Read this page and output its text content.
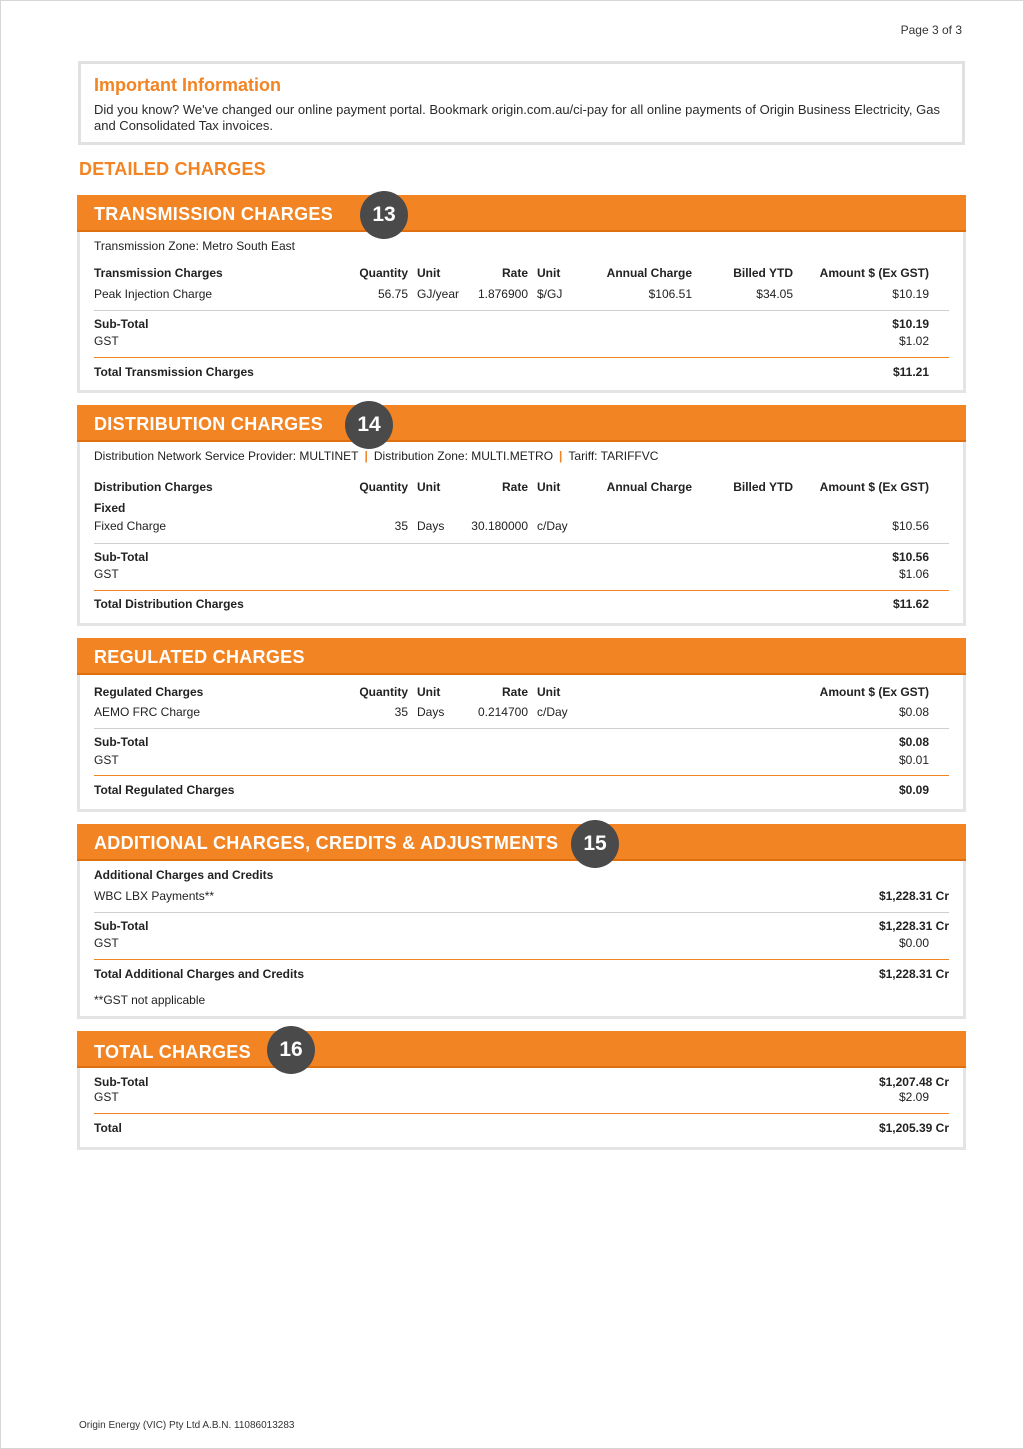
Page 3 of 3
Important Information
Did you know? We've changed our online payment portal. Bookmark origin.com.au/ci-pay for all online payments of Origin Business Electricity, Gas and Consolidated Tax invoices.
DETAILED CHARGES
TRANSMISSION CHARGES	13
Transmission Zone: Metro South East
Transmission Charges	Quantity Unit	Rate Unit	Annual Charge	Billed YTD Amount $ (Ex GST)
Peak Injection Charge	56.75 GJ/year 1.876900 $/GJ	$106.51	$34.05	$10.19
Sub-Total	$10.19
GST	$1.02
Total Transmission Charges	$11.21
DISTRIBUTION CHARGES	14
Distribution Network Service Provider: MULTINET | Distribution Zone: MULTI.METRO | Tariff: TARIFFVC
Distribution Charges	Quantity Unit	Rate Unit	Annual Charge	Billed YTD Amount $ (Ex GST)
Fixed
Fixed Charge	35 Days 30.180000 c/Day	$10.56
Sub-Total	$10.56
GST	$1.06
Total Distribution Charges	$11.62
REGULATED CHARGES
Regulated Charges	Quantity Unit	Rate Unit	Amount $ (Ex GST)
AEMO FRC Charge	35 Days	0.214700 c/Day	$0.08
Sub-Total	$0.08
GST	$0.01
Total Regulated Charges	$0.09
ADDITIONAL CHARGES, CREDITS & ADJUSTMENTS	15
Additional Charges and Credits
WBC LBX Payments**	$1,228.31 Cr
Sub-Total	$1,228.31 Cr
GST	$0.00
Total Additional Charges and Credits	$1,228.31 Cr
**GST not applicable
TOTAL CHARGES	16
Sub-Total	$1,207.48 Cr
GST	$2.09
Total	$1,205.39 Cr
Origin Energy (VIC) Pty Ltd A.B.N. 11086013283
